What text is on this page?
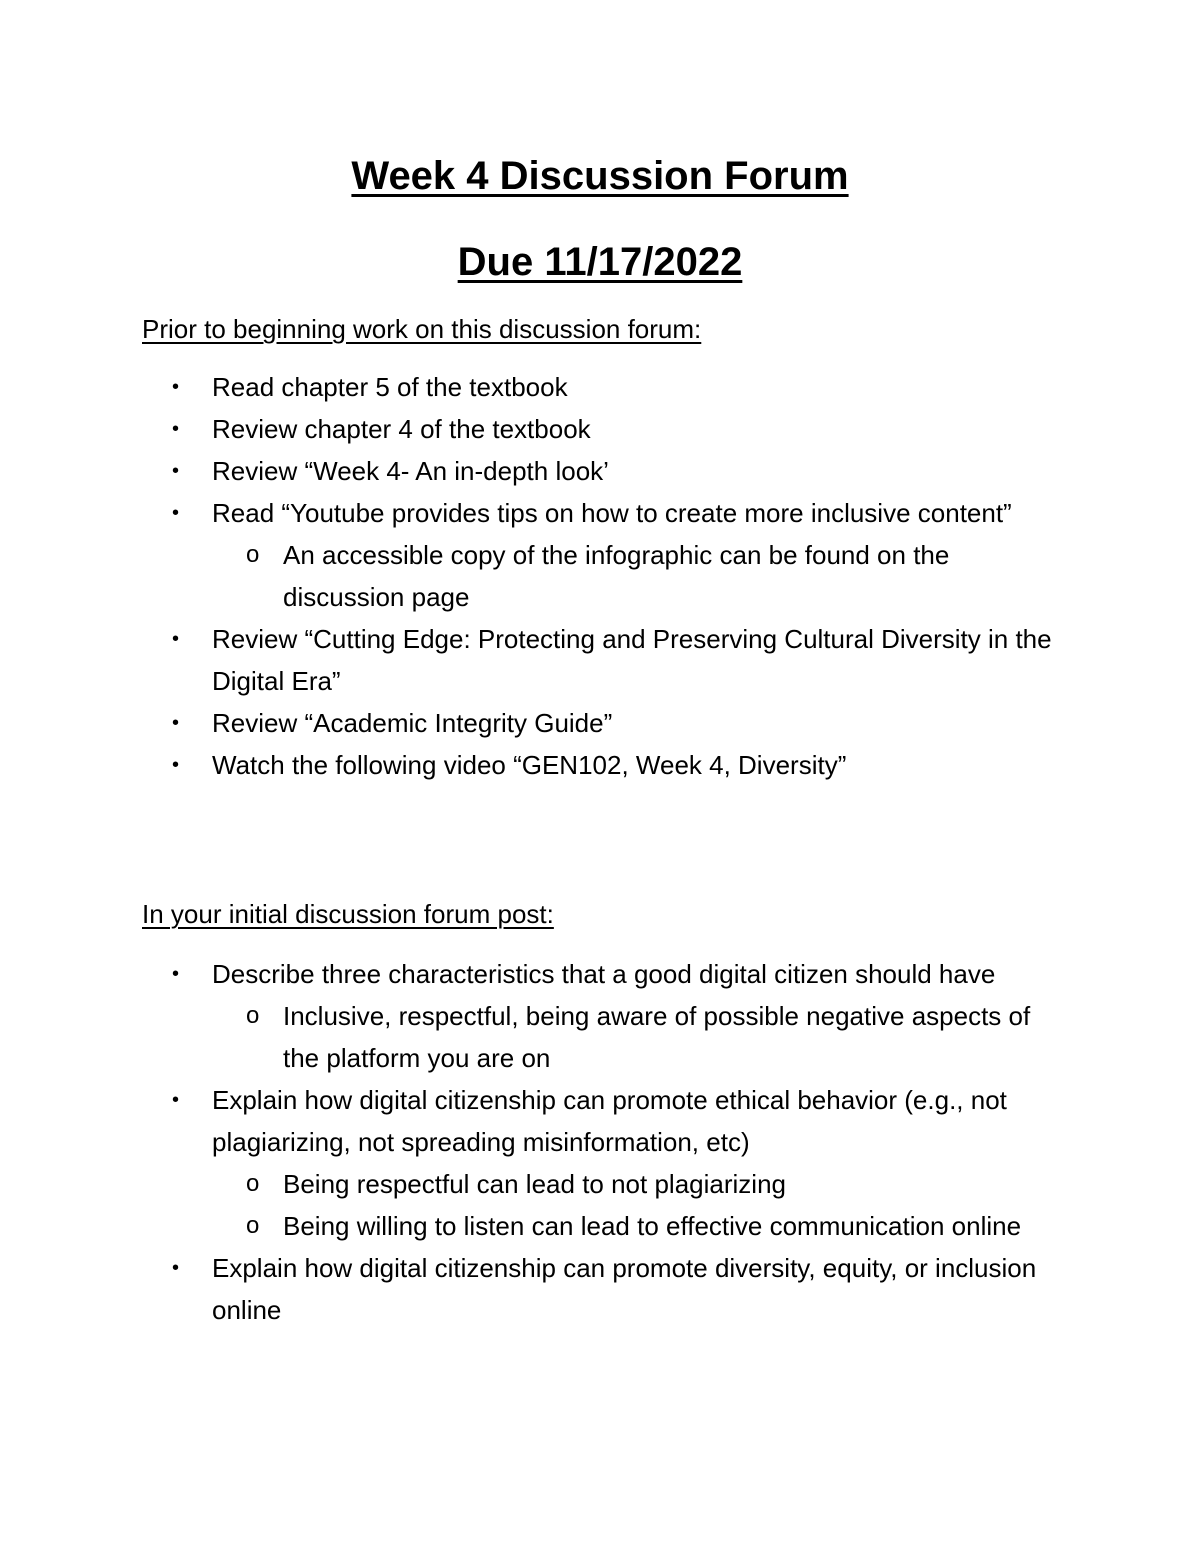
Week 4 Discussion Forum
Due 11/17/2022

Prior to beginning work on this discussion forum:

• Read chapter 5 of the textbook
• Review chapter 4 of the textbook
• Review “Week 4- An in-depth look’
• Read “Youtube provides tips on how to create more inclusive content”
o An accessible copy of the infographic can be found on the discussion page
• Review “Cutting Edge: Protecting and Preserving Cultural Diversity in the Digital Era”
• Review “Academic Integrity Guide”
• Watch the following video “GEN102, Week 4, Diversity”

In your initial discussion forum post:

• Describe three characteristics that a good digital citizen should have
o Inclusive, respectful, being aware of possible negative aspects of the platform you are on
• Explain how digital citizenship can promote ethical behavior (e.g., not plagiarizing, not spreading misinformation, etc)
o Being respectful can lead to not plagiarizing
o Being willing to listen can lead to effective communication online
• Explain how digital citizenship can promote diversity, equity, or inclusion online
